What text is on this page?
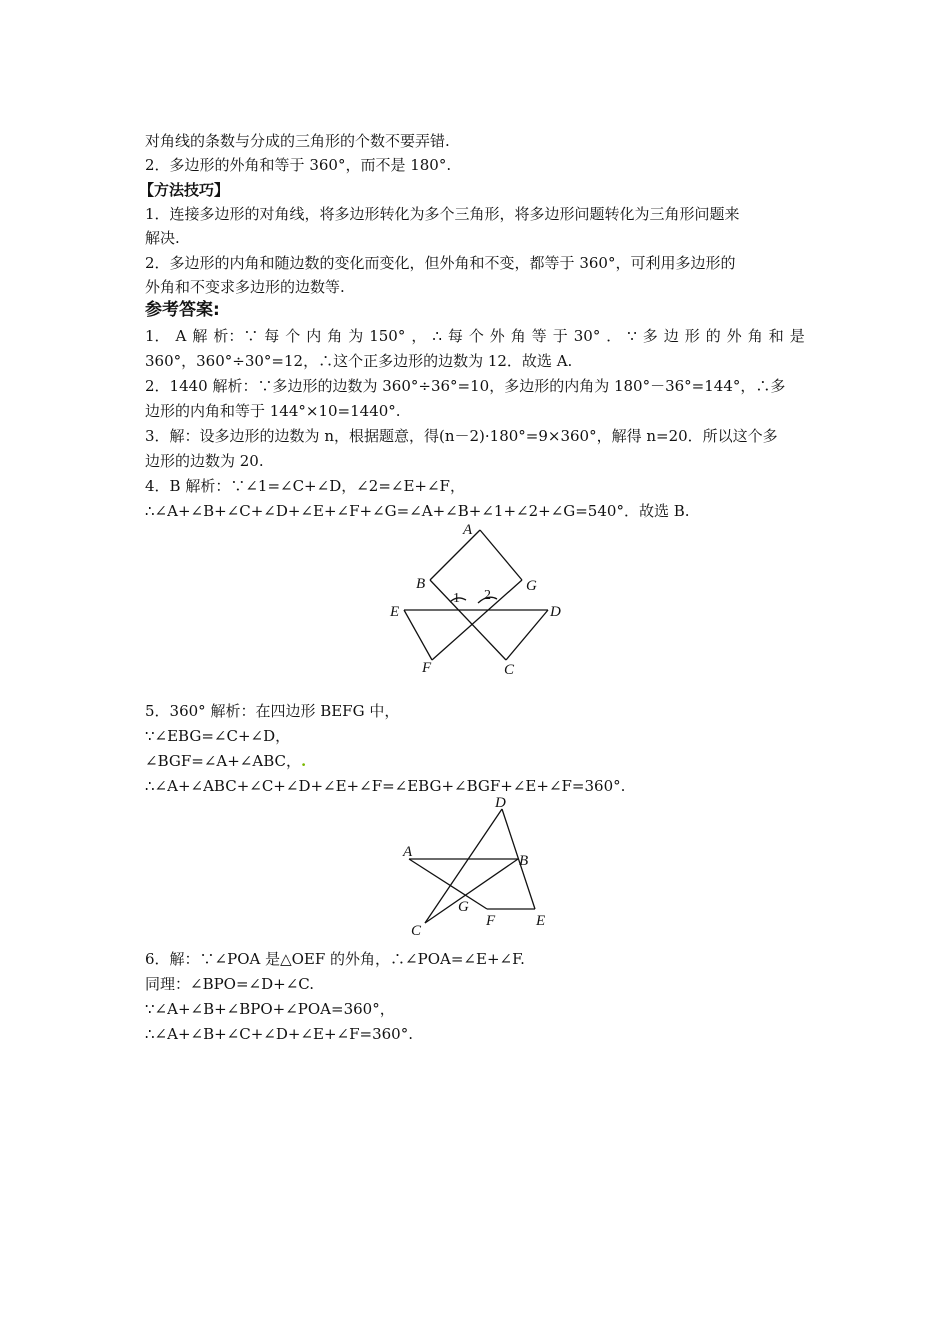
对角线的条数与分成的三角形的个数不要弄错.
2．多边形的外角和等于 360°，而不是 180°.
【方法技巧】
1．连接多边形的对角线，将多边形转化为多个三角形，将多边形问题转化为三角形问题来
解决.
2．多边形的内角和随边数的变化而变化，但外角和不变，都等于 360°，可利用多边形的
外角和不变求多边形的边数等.
参考答案:
1． A 解 析：∵ 每 个 内 角 为 150° ， ∴ 每 个 外 角 等 于 30° ． ∵ 多 边 形 的 外 角 和 是
360°，360°÷30°=12，∴这个正多边形的边数为 12．故选 A.
2．1440 解析：∵多边形的边数为 360°÷36°=10，多边形的内角为 180°－36°=144°，∴多
边形的内角和等于 144°×10=1440°.
3．解：设多边形的边数为 n，根据题意，得(n－2)·180°=9×360°，解得 n=20．所以这个多
边形的边数为 20.
4．B 解析：∵∠1=∠C+∠D，∠2=∠E+∠F，
∴∠A+∠B+∠C+∠D+∠E+∠F+∠G=∠A+∠B+∠1+∠2+∠G=540°．故选 B.
A
B	G
E	D
F	C
1 2
5．360° 解析：在四边形 BEFG 中，
∵∠EBG=∠C+∠D，
∠BGF=∠A+∠ABC，.
∴∠A+∠ABC+∠C+∠D+∠E+∠F=∠EBG+∠BGF+∠E+∠F=360°.
D
A
B
G
F	E
C
6．解：∵∠POA 是△OEF 的外角，∴∠POA=∠E+∠F.
同理：∠BPO=∠D+∠C.
∵∠A+∠B+∠BPO+∠POA=360°，
∴∠A+∠B+∠C+∠D+∠E+∠F=360°.
